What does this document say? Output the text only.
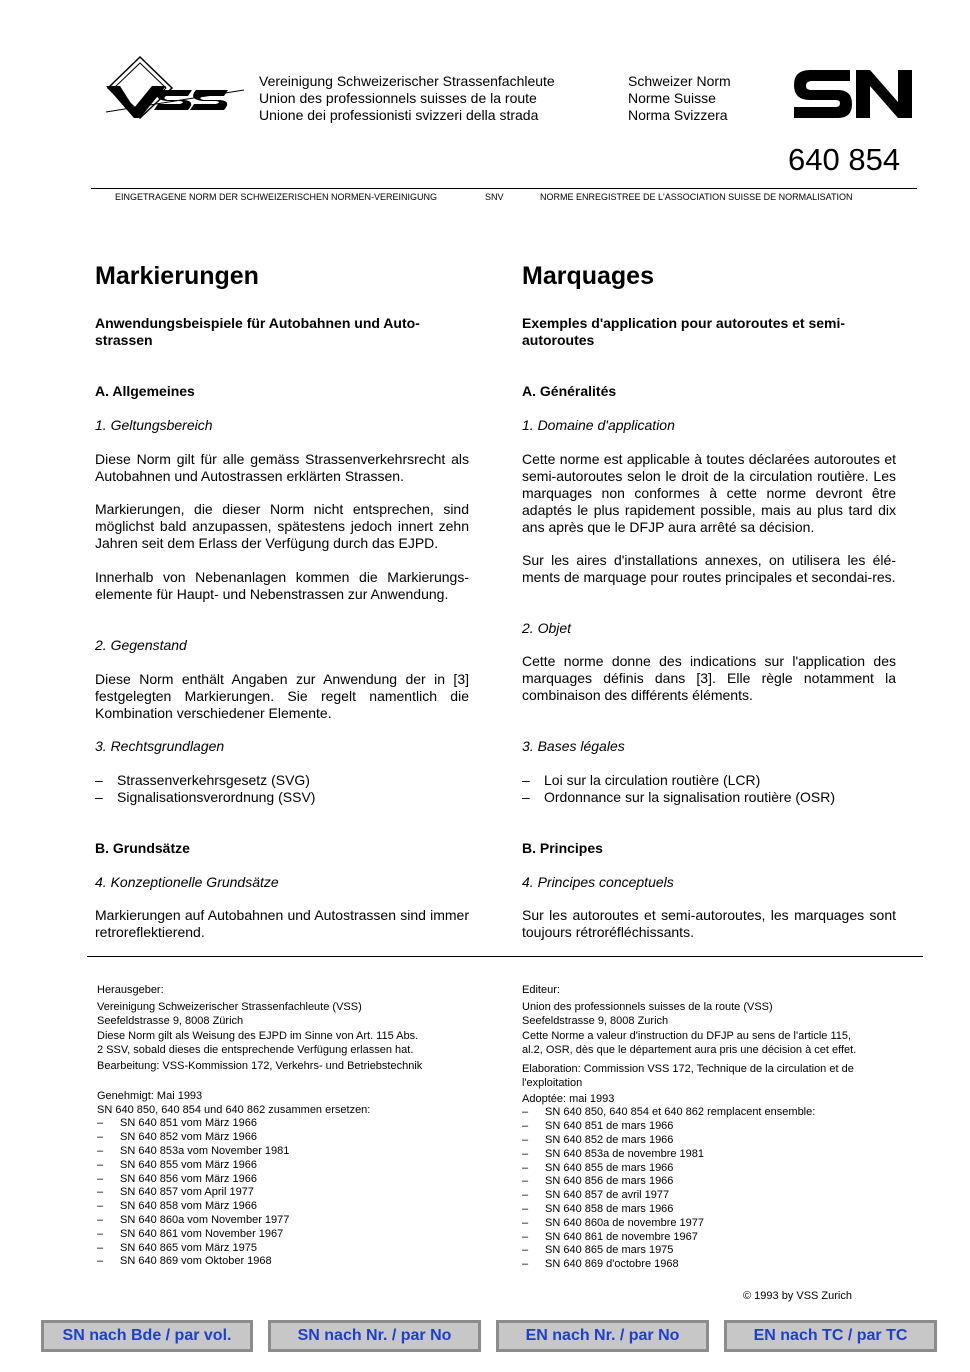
Vereinigung Schweizerischer Strassenfachleute
Union des professionnels suisses de la route
Unione dei professionisti svizzeri della strada
Schweizer Norm
Norme Suisse
Norma Svizzera
640 854
EINGETRAGENE NORM DER SCHWEIZERISCHEN NORMEN-VEREINIGUNG	SNV	NORME ENREGISTREE DE L'ASSOCIATION SUISSE DE NORMALISATION
Markierungen
Anwendungsbeispiele für Autobahnen und Auto-strassen
A. Allgemeines
1. Geltungsbereich

Diese Norm gilt für alle gemäss Strassenverkehrsrecht als Autobahnen und Autostrassen erklärten Strassen.

Markierungen, die dieser Norm nicht entsprechen, sind möglichst bald anzupassen, spätestens jedoch innert zehn Jahren seit dem Erlass der Verfügung durch das EJPD.

Innerhalb von Nebenanlagen kommen die Markierungs-elemente für Haupt- und Nebenstrassen zur Anwendung.

2. Gegenstand

Diese Norm enthält Angaben zur Anwendung der in [3] festgelegten Markierungen. Sie regelt namentlich die Kombination verschiedener Elemente.

3. Rechtsgrundlagen
–	Strassenverkehrsgesetz (SVG)
–	Signalisationsverordnung (SSV)
B. Grundsätze
4. Konzeptionelle Grundsätze

Markierungen auf Autobahnen und Autostrassen sind immer retroreflektierend.

Marquages
Exemples d'application pour autoroutes et semi-autoroutes
A. Généralités
1. Domaine d'application

Cette norme est applicable à toutes déclarées autoroutes et semi-autoroutes selon le droit de la circulation routière. Les marquages non conformes à cette norme devront être adaptés le plus rapidement possible, mais au plus tard dix ans après que le DFJP aura arrêté sa décision.

Sur les aires d'installations annexes, on utilisera les élé-ments de marquage pour routes principales et secondai-res.

2. Objet

Cette norme donne des indications sur l'application des marquages définis dans [3]. Elle règle notamment la combinaison des différents éléments.

3. Bases légales
–	Loi sur la circulation routière (LCR)
–	Ordonnance sur la signalisation routière (OSR)
B. Principes
4. Principes conceptuels

Sur les autoroutes et semi-autoroutes, les marquages sont toujours rétroréfléchissants.

Herausgeber:
Vereinigung Schweizerischer Strassenfachleute (VSS)
Seefeldstrasse 9, 8008 Zürich
Diese Norm gilt als Weisung des EJPD im Sinne von Art. 115 Abs.
2 SSV, sobald dieses die entsprechende Verfügung erlassen hat.
Bearbeitung: VSS-Kommission 172, Verkehrs- und Betriebstechnik
Genehmigt: Mai 1993
SN 640 850, 640 854 und 640 862 zusammen ersetzen:
–	SN 640 851 vom März 1966
–	SN 640 852 vom März 1966
–	SN 640 853a vom November 1981
–	SN 640 855 vom März 1966
–	SN 640 856 vom März 1966
–	SN 640 857 vom April 1977
–	SN 640 858 vom März 1966
–	SN 640 860a vom November 1977
–	SN 640 861 vom November 1967
–	SN 640 865 vom März 1975
–	SN 640 869 vom Oktober 1968
Editeur:
Union des professionnels suisses de la route (VSS)
Seefeldstrasse 9, 8008 Zurich
Cette Norme a valeur d'instruction du DFJP au sens de l'article 115,
al.2, OSR, dès que le département aura pris une décision à cet effet.
Elaboration: Commission VSS 172, Technique de la circulation et de
l'exploitation
Adoptée: mai 1993
–	SN 640 850, 640 854 et 640 862 remplacent ensemble:
–	SN 640 851 de mars 1966
–	SN 640 852 de mars 1966
–	SN 640 853a de novembre 1981
–	SN 640 855 de mars 1966
–	SN 640 856 de mars 1966
–	SN 640 857 de avril 1977
–	SN 640 858 de mars 1966
–	SN 640 860a de novembre 1977
–	SN 640 861 de novembre 1967
–	SN 640 865 de mars 1975
–	SN 640 869 d'octobre 1968
© 1993 by VSS Zurich
SN nach Bde / par vol.	SN nach Nr. / par No	EN nach Nr. / par No	EN nach TC / par TC
